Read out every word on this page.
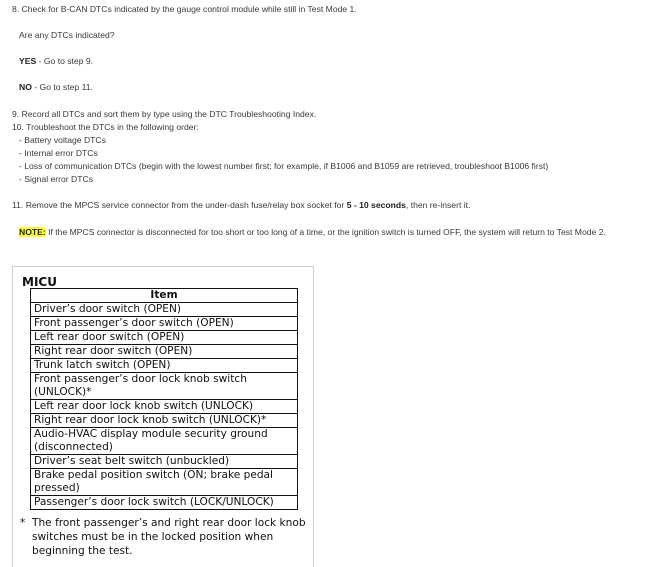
8. Check for B-CAN DTCs indicated by the gauge control module while still in Test Mode 1.
Are any DTCs indicated?
YES - Go to step 9.
NO - Go to step 11.
9. Record all DTCs and sort them by type using the DTC Troubleshooting Index.
10. Troubleshoot the DTCs in the following order:
- Battery voltage DTCs
- Internal error DTCs
- Loss of communication DTCs (begin with the lowest number first; for example, if B1006 and B1059 are retrieved, troubleshoot B1006 first)
- Signal error DTCs
11. Remove the MPCS service connector from the under-dash fuse/relay box socket for 5 - 10 seconds, then re-insert it.
NOTE: If the MPCS connector is disconnected for too short or too long of a time, or the ignition switch is turned OFF, the system will return to Test Mode 2.
MICU
Item
Driver’s door switch (OPEN)
Front passenger’s door switch (OPEN)
Left rear door switch (OPEN)
Right rear door switch (OPEN)
Trunk latch switch (OPEN)
Front passenger’s door lock knob switch (UNLOCK)*
Left rear door lock knob switch (UNLOCK)
Right rear door lock knob switch (UNLOCK)*
Audio-HVAC display module security ground (disconnected)
Driver’s seat belt switch (unbuckled)
Brake pedal position switch (ON; brake pedal pressed)
Passenger’s door lock switch (LOCK/UNLOCK)
* The front passenger’s and right rear door lock knob switches must be in the locked position when beginning the test.
